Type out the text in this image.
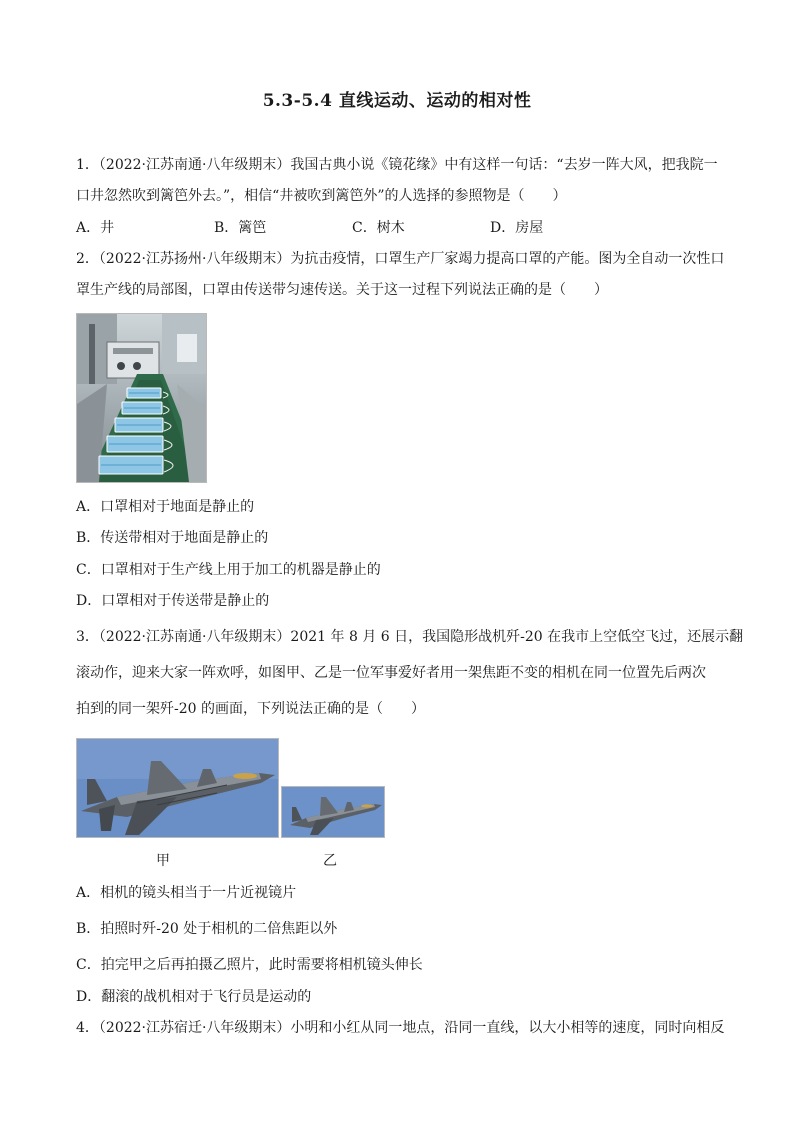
5.3-5.4 直线运动、运动的相对性
1．（2022·江苏南通·八年级期末）我国古典小说《镜花缘》中有这样一句话：“去岁一阵大风，把我院一
口井忽然吹到篱笆外去。”，相信“井被吹到篱笆外”的人选择的参照物是（　　）
A．井	B．篱笆	C．树木	D．房屋
2．（2022·江苏扬州·八年级期末）为抗击疫情，口罩生产厂家竭力提高口罩的产能。图为全自动一次性口
罩生产线的局部图，口罩由传送带匀速传送。关于这一过程下列说法正确的是（　　）
A．口罩相对于地面是静止的
B．传送带相对于地面是静止的
C．口罩相对于生产线上用于加工的机器是静止的
D．口罩相对于传送带是静止的
3．（2022·江苏南通·八年级期末）2021 年 8 月 6 日，我国隐形战机歼-20 在我市上空低空飞过，还展示翻
滚动作，迎来大家一阵欢呼，如图甲、乙是一位军事爱好者用一架焦距不变的相机在同一位置先后两次
拍到的同一架歼-20 的画面，下列说法正确的是（　　）
甲	乙
A．相机的镜头相当于一片近视镜片
B．拍照时歼-20 处于相机的二倍焦距以外
C．拍完甲之后再拍摄乙照片，此时需要将相机镜头伸长
D．翻滚的战机相对于飞行员是运动的
4．（2022·江苏宿迁·八年级期末）小明和小红从同一地点，沿同一直线，以大小相等的速度，同时向相反
